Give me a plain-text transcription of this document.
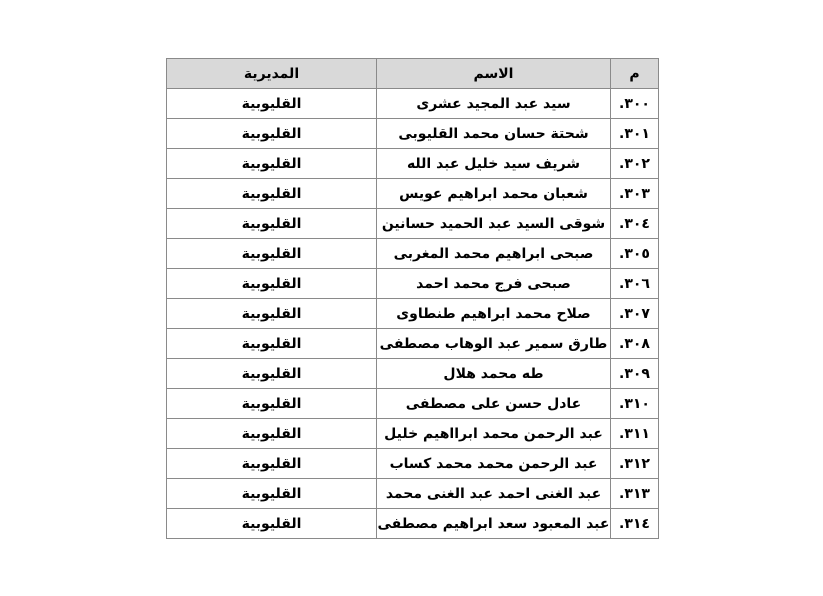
م	الاسم	المديرية
٣٠٠.	سيد عبد المجيد عشرى	القليوبية
٣٠١.	شحتة حسان محمد القليوبى	القليوبية
٣٠٢.	شريف سيد خليل عبد الله	القليوبية
٣٠٣.	شعبان محمد ابراهيم عويس	القليوبية
٣٠٤.	شوقى السيد عبد الحميد حسانين	القليوبية
٣٠٥.	صبحى ابراهيم محمد المغربى	القليوبية
٣٠٦.	صبحى فرج محمد احمد	القليوبية
٣٠٧.	صلاح محمد ابراهيم طنطاوى	القليوبية
٣٠٨.	طارق سمير عبد الوهاب مصطفى	القليوبية
٣٠٩.	طه محمد هلال	القليوبية
٣١٠.	عادل حسن على مصطفى	القليوبية
٣١١.	عبد الرحمن محمد ابرااهيم خليل	القليوبية
٣١٢.	عبد الرحمن محمد محمد كساب	القليوبية
٣١٣.	عبد الغنى احمد عبد الغنى محمد	القليوبية
٣١٤.	عبد المعبود سعد ابراهيم مصطفى	القليوبية
